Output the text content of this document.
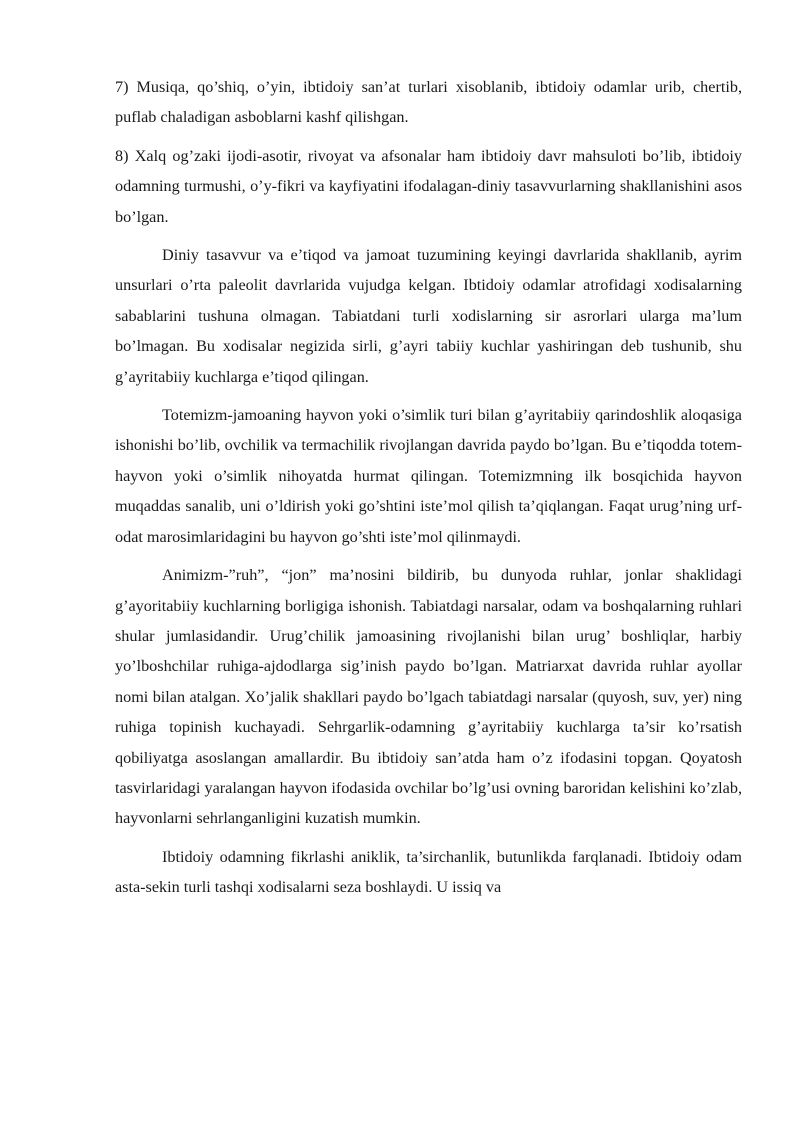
7) Musiqa, qo’shiq, o’yin, ibtidoiy san’at turlari xisoblanib, ibtidoiy odamlar urib, chertib, puflab chaladigan asboblarni kashf qilishgan.

8) Xalq og’zaki ijodi-asotir, rivoyat va afsonalar ham ibtidoiy davr mahsuloti bo’lib, ibtidoiy odamning turmushi, o’y-fikri va kayfiyatini ifodalagan-diniy tasavvurlarning shakllanishini asos bo’lgan.

Diniy tasavvur va e’tiqod va jamoat tuzumining keyingi davrlarida shakllanib, ayrim unsurlari o’rta paleolit davrlarida vujudga kelgan. Ibtidoiy odamlar atrofidagi xodisalarning sabablarini tushuna olmagan. Tabiatdani turli xodislarning sir asrorlari ularga ma’lum bo’lmagan. Bu xodisalar negizida sirli, g’ayri tabiiy kuchlar yashiringan deb tushunib, shu g’ayritabiiy kuchlarga e’tiqod qilingan.

Totemizm-jamoaning hayvon yoki o’simlik turi bilan g’ayritabiiy qarindoshlik aloqasiga ishonishi bo’lib, ovchilik va termachilik rivojlangan davrida paydo bo’lgan. Bu e’tiqodda totem-hayvon yoki o’simlik nihoyatda hurmat qilingan. Totemizmning ilk bosqichida hayvon muqaddas sanalib, uni o’ldirish yoki go’shtini iste’mol qilish ta’qiqlangan. Faqat urug’ning urf-odat marosimlaridagini bu hayvon go’shti iste’mol qilinmaydi.

Animizm-”ruh”, “jon” ma’nosini bildirib, bu dunyoda ruhlar, jonlar shaklidagi g’ayoritabiiy kuchlarning borligiga ishonish. Tabiatdagi narsalar, odam va boshqalarning ruhlari shular jumlasidandir. Urug’chilik jamoasining rivojlanishi bilan urug’ boshliqlar, harbiy yo’lboshchilar ruhiga-ajdodlarga sig’inish paydo bo’lgan. Matriarxat davrida ruhlar ayollar nomi bilan atalgan. Xo’jalik shakllari paydo bo’lgach tabiatdagi narsalar (quyosh, suv, yer) ning ruhiga topinish kuchayadi. Sehrgarlik-odamning g’ayritabiiy kuchlarga ta’sir ko’rsatish qobiliyatga asoslangan amallardir. Bu ibtidoiy san’atda ham o’z ifodasini topgan. Qoyatosh tasvirlaridagi yaralangan hayvon ifodasida ovchilar bo’lg’usi ovning baroridan kelishini ko’zlab, hayvonlarni sehrlanganligini kuzatish mumkin.

Ibtidoiy odamning fikrlashi aniklik, ta’sirchanlik, butunlikda farqlanadi. Ibtidoiy odam asta-sekin turli tashqi xodisalarni seza boshlaydi. U issiq va
